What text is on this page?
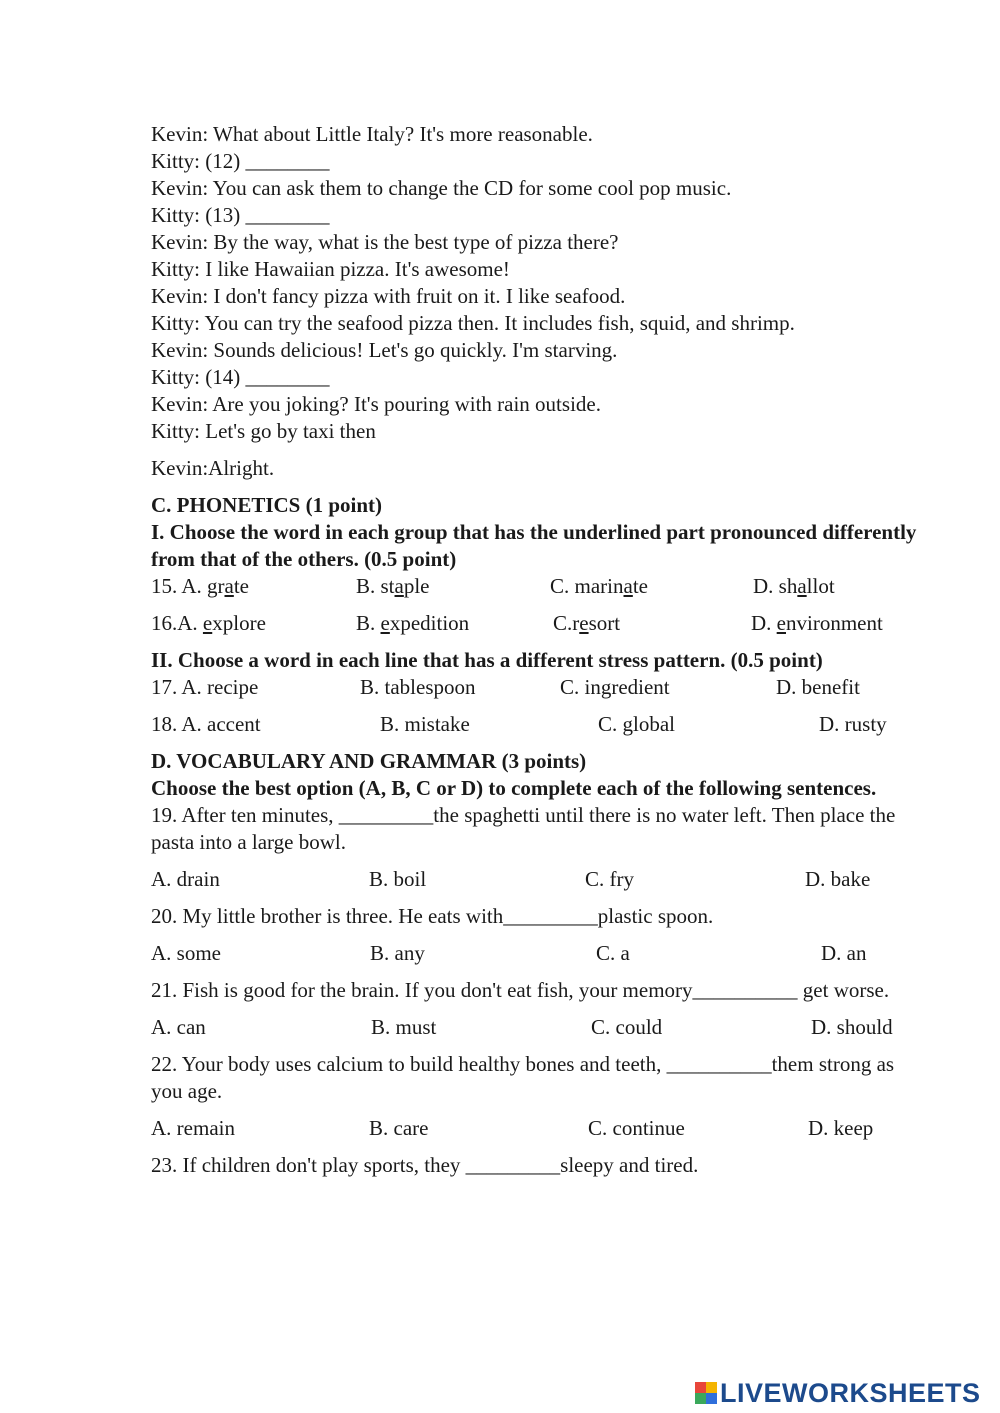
Kevin: What about Little Italy? It's more reasonable.
Kitty: (12) ________
Kevin: You can ask them to change the CD for some cool pop music.
Kitty: (13) ________
Kevin: By the way, what is the best type of pizza there?
Kitty: I like Hawaiian pizza. It's awesome!
Kevin: I don't fancy pizza with fruit on it. I like seafood.
Kitty: You can try the seafood pizza then. It includes fish, squid, and shrimp.
Kevin: Sounds delicious! Let's go quickly. I'm starving.
Kitty: (14) ________
Kevin: Are you joking? It's pouring with rain outside.
Kitty: Let's go by taxi then
Kevin:Alright.
C. PHONETICS (1 point)
I. Choose the word in each group that has the underlined part pronounced differently from that of the others. (0.5 point)
15. A. grate	B. staple	C. marinate	D. shallot
16.A. explore	B. expedition	C.resort	D. environment
II. Choose a word in each line that has a different stress pattern. (0.5 point)
17. A. recipe	B. tablespoon	C. ingredient	D. benefit
18. A. accent	B. mistake	C. global	D. rusty
D. VOCABULARY AND GRAMMAR (3 points)
Choose the best option (A, B, C or D) to complete each of the following sentences.
19. After ten minutes, _________the spaghetti until there is no water left. Then place the pasta into a large bowl.
A. drain	B. boil	C. fry	D. bake
20. My little brother is three. He eats with_________plastic spoon.
A. some	B. any	C. a	D. an
21. Fish is good for the brain. If you don't eat fish, your memory__________ get worse.
A. can	B. must	C. could	D. should
22. Your body uses calcium to build healthy bones and teeth, __________them strong as you age.
A. remain	B. care	C. continue	D. keep
23. If children don't play sports, they _________sleepy and tired.
LIVEWORKSHEETS
